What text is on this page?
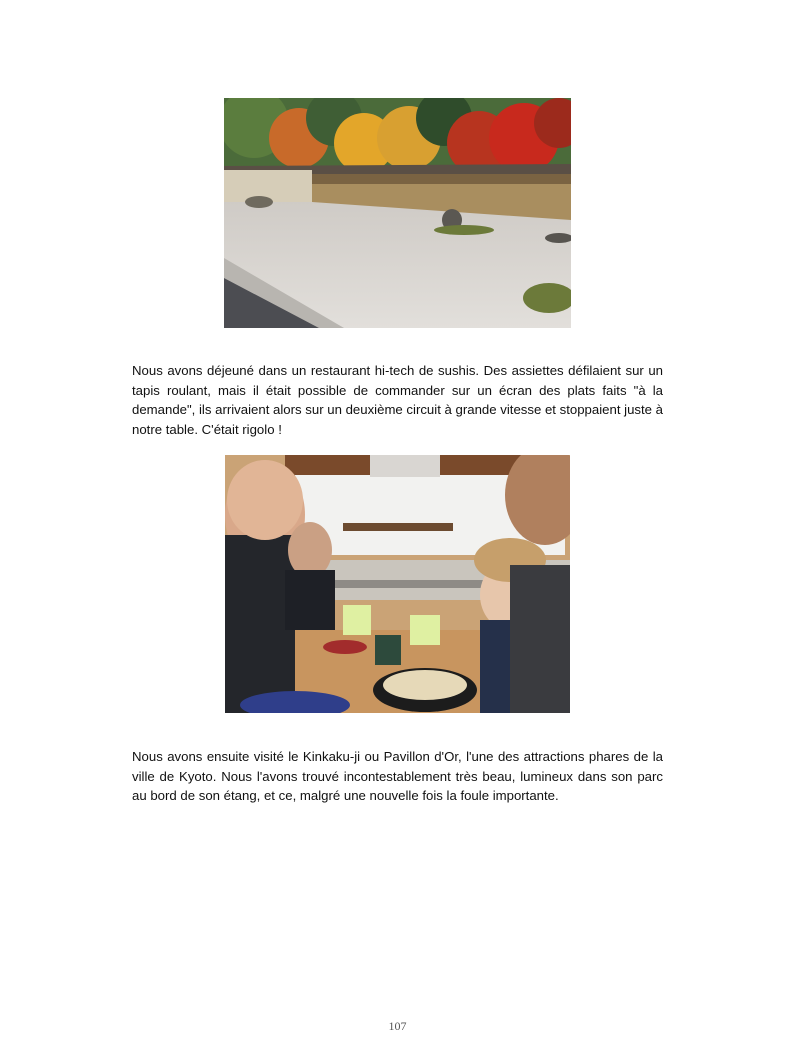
Nous avons déjeuné dans un restaurant hi-tech de sushis. Des assiettes défilaient sur un tapis roulant, mais il était possible de commander sur un écran des plats faits "à la demande", ils arrivaient alors sur un deuxième circuit à grande vitesse et stoppaient juste à notre table. C'était rigolo !

Nous avons ensuite visité le Kinkaku-ji ou Pavillon d'Or, l'une des attractions phares de la ville de Kyoto. Nous l'avons trouvé incontestablement très beau, lumineux dans son parc au bord de son étang, et ce, malgré une nouvelle fois la foule importante.

107
